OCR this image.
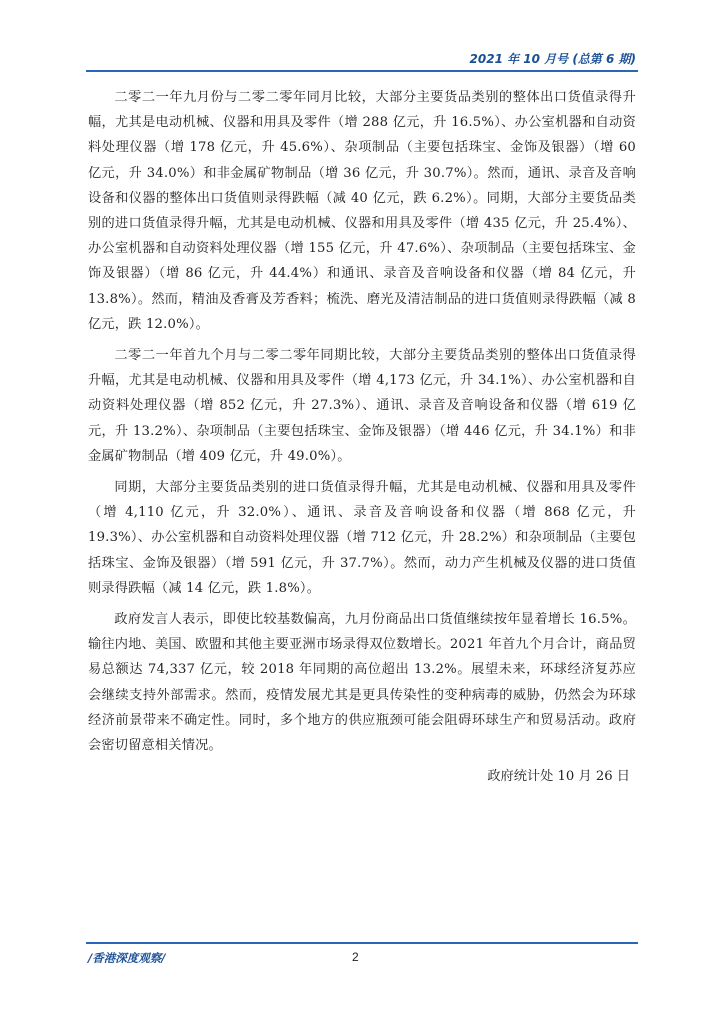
2021 年 10 月号 (总第 6 期)

二零二一年九月份与二零二零年同月比较，大部分主要货品类别的整体出口货值录得升幅，尤其是电动机械、仪器和用具及零件（增 288 亿元，升 16.5%）、办公室机器和自动资料处理仪器（增 178 亿元，升 45.6%）、杂项制品（主要包括珠宝、金饰及银器）（增 60 亿元，升 34.0%）和非金属矿物制品（增 36 亿元，升 30.7%）。然而，通讯、录音及音响设备和仪器的整体出口货值则录得跌幅（减 40 亿元，跌 6.2%）。同期，大部分主要货品类别的进口货值录得升幅，尤其是电动机械、仪器和用具及零件（增 435 亿元，升 25.4%）、办公室机器和自动资料处理仪器（增 155 亿元，升 47.6%）、杂项制品（主要包括珠宝、金饰及银器）（增 86 亿元，升 44.4%）和通讯、录音及音响设备和仪器（增 84 亿元，升 13.8%）。然而，精油及香膏及芳香料；梳洗、磨光及清洁制品的进口货值则录得跌幅（减 8 亿元，跌 12.0%）。

二零二一年首九个月与二零二零年同期比较，大部分主要货品类别的整体出口货值录得升幅，尤其是电动机械、仪器和用具及零件（增 4,173 亿元，升 34.1%）、办公室机器和自动资料处理仪器（增 852 亿元，升 27.3%）、通讯、录音及音响设备和仪器（增 619 亿元，升 13.2%）、杂项制品（主要包括珠宝、金饰及银器）（增 446 亿元，升 34.1%）和非金属矿物制品（增 409 亿元，升 49.0%）。

同期，大部分主要货品类别的进口货值录得升幅，尤其是电动机械、仪器和用具及零件（增 4,110 亿元，升 32.0%）、通讯、录音及音响设备和仪器（增 868 亿元，升 19.3%）、办公室机器和自动资料处理仪器（增 712 亿元，升 28.2%）和杂项制品（主要包括珠宝、金饰及银器）（增 591 亿元，升 37.7%）。然而，动力产生机械及仪器的进口货值则录得跌幅（减 14 亿元，跌 1.8%）。

政府发言人表示，即使比较基数偏高，九月份商品出口货值继续按年显着增长 16.5%。输往内地、美国、欧盟和其他主要亚洲市场录得双位数增长。2021 年首九个月合计，商品贸易总额达 74,337 亿元，较 2018 年同期的高位超出 13.2%。展望未来，环球经济复苏应会继续支持外部需求。然而，疫情发展尤其是更具传染性的变种病毒的威胁，仍然会为环球经济前景带来不确定性。同时，多个地方的供应瓶颈可能会阻碍环球生产和贸易活动。政府会密切留意相关情况。

政府统计处 10 月 26 日
/香港深度观察/	2
